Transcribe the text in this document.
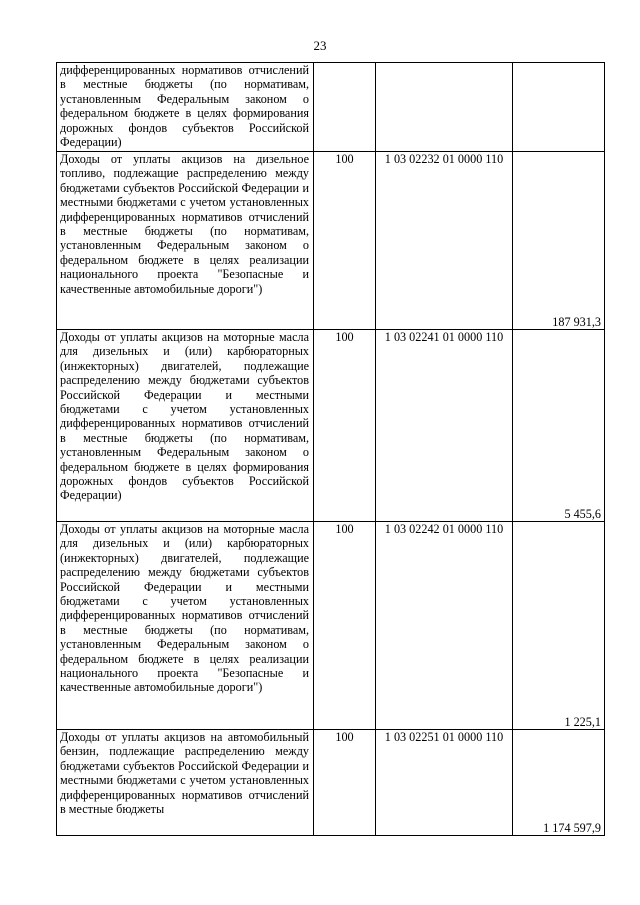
23
дифференцированных нормативов отчислений в местные бюджеты (по нормативам, установленным Федеральным законом о федеральном бюджете в целях формирования дорожных фондов субъектов Российской Федерации)			
Доходы от уплаты акцизов на дизельное топливо, подлежащие распределению между бюджетами субъектов Российской Федерации и местными бюджетами с учетом установленных дифференцированных нормативов отчислений в местные бюджеты (по нормативам, установленным Федеральным законом о федеральном бюджете в целях реализации национального проекта "Безопасные и качественные автомобильные дороги")	100	1 03 02232 01 0000 110	187 931,3
Доходы от уплаты акцизов на моторные масла для дизельных и (или) карбюраторных (инжекторных) двигателей, подлежащие распределению между бюджетами субъектов Российской Федерации и местными бюджетами с учетом установленных дифференцированных нормативов отчислений в местные бюджеты (по нормативам, установленным Федеральным законом о федеральном бюджете в целях формирования дорожных фондов субъектов Российской Федерации)	100	1 03 02241 01 0000 110	5 455,6
Доходы от уплаты акцизов на моторные масла для дизельных и (или) карбюраторных (инжекторных) двигателей, подлежащие распределению между бюджетами субъектов Российской Федерации и местными бюджетами с учетом установленных дифференцированных нормативов отчислений в местные бюджеты (по нормативам, установленным Федеральным законом о федеральном бюджете в целях реализации национального проекта "Безопасные и качественные автомобильные дороги")	100	1 03 02242 01 0000 110	1 225,1
Доходы от уплаты акцизов на автомобильный бензин, подлежащие распределению между бюджетами субъектов Российской Федерации и местными бюджетами с учетом установленных дифференцированных нормативов отчислений в местные бюджеты	100	1 03 02251 01 0000 110	1 174 597,9
